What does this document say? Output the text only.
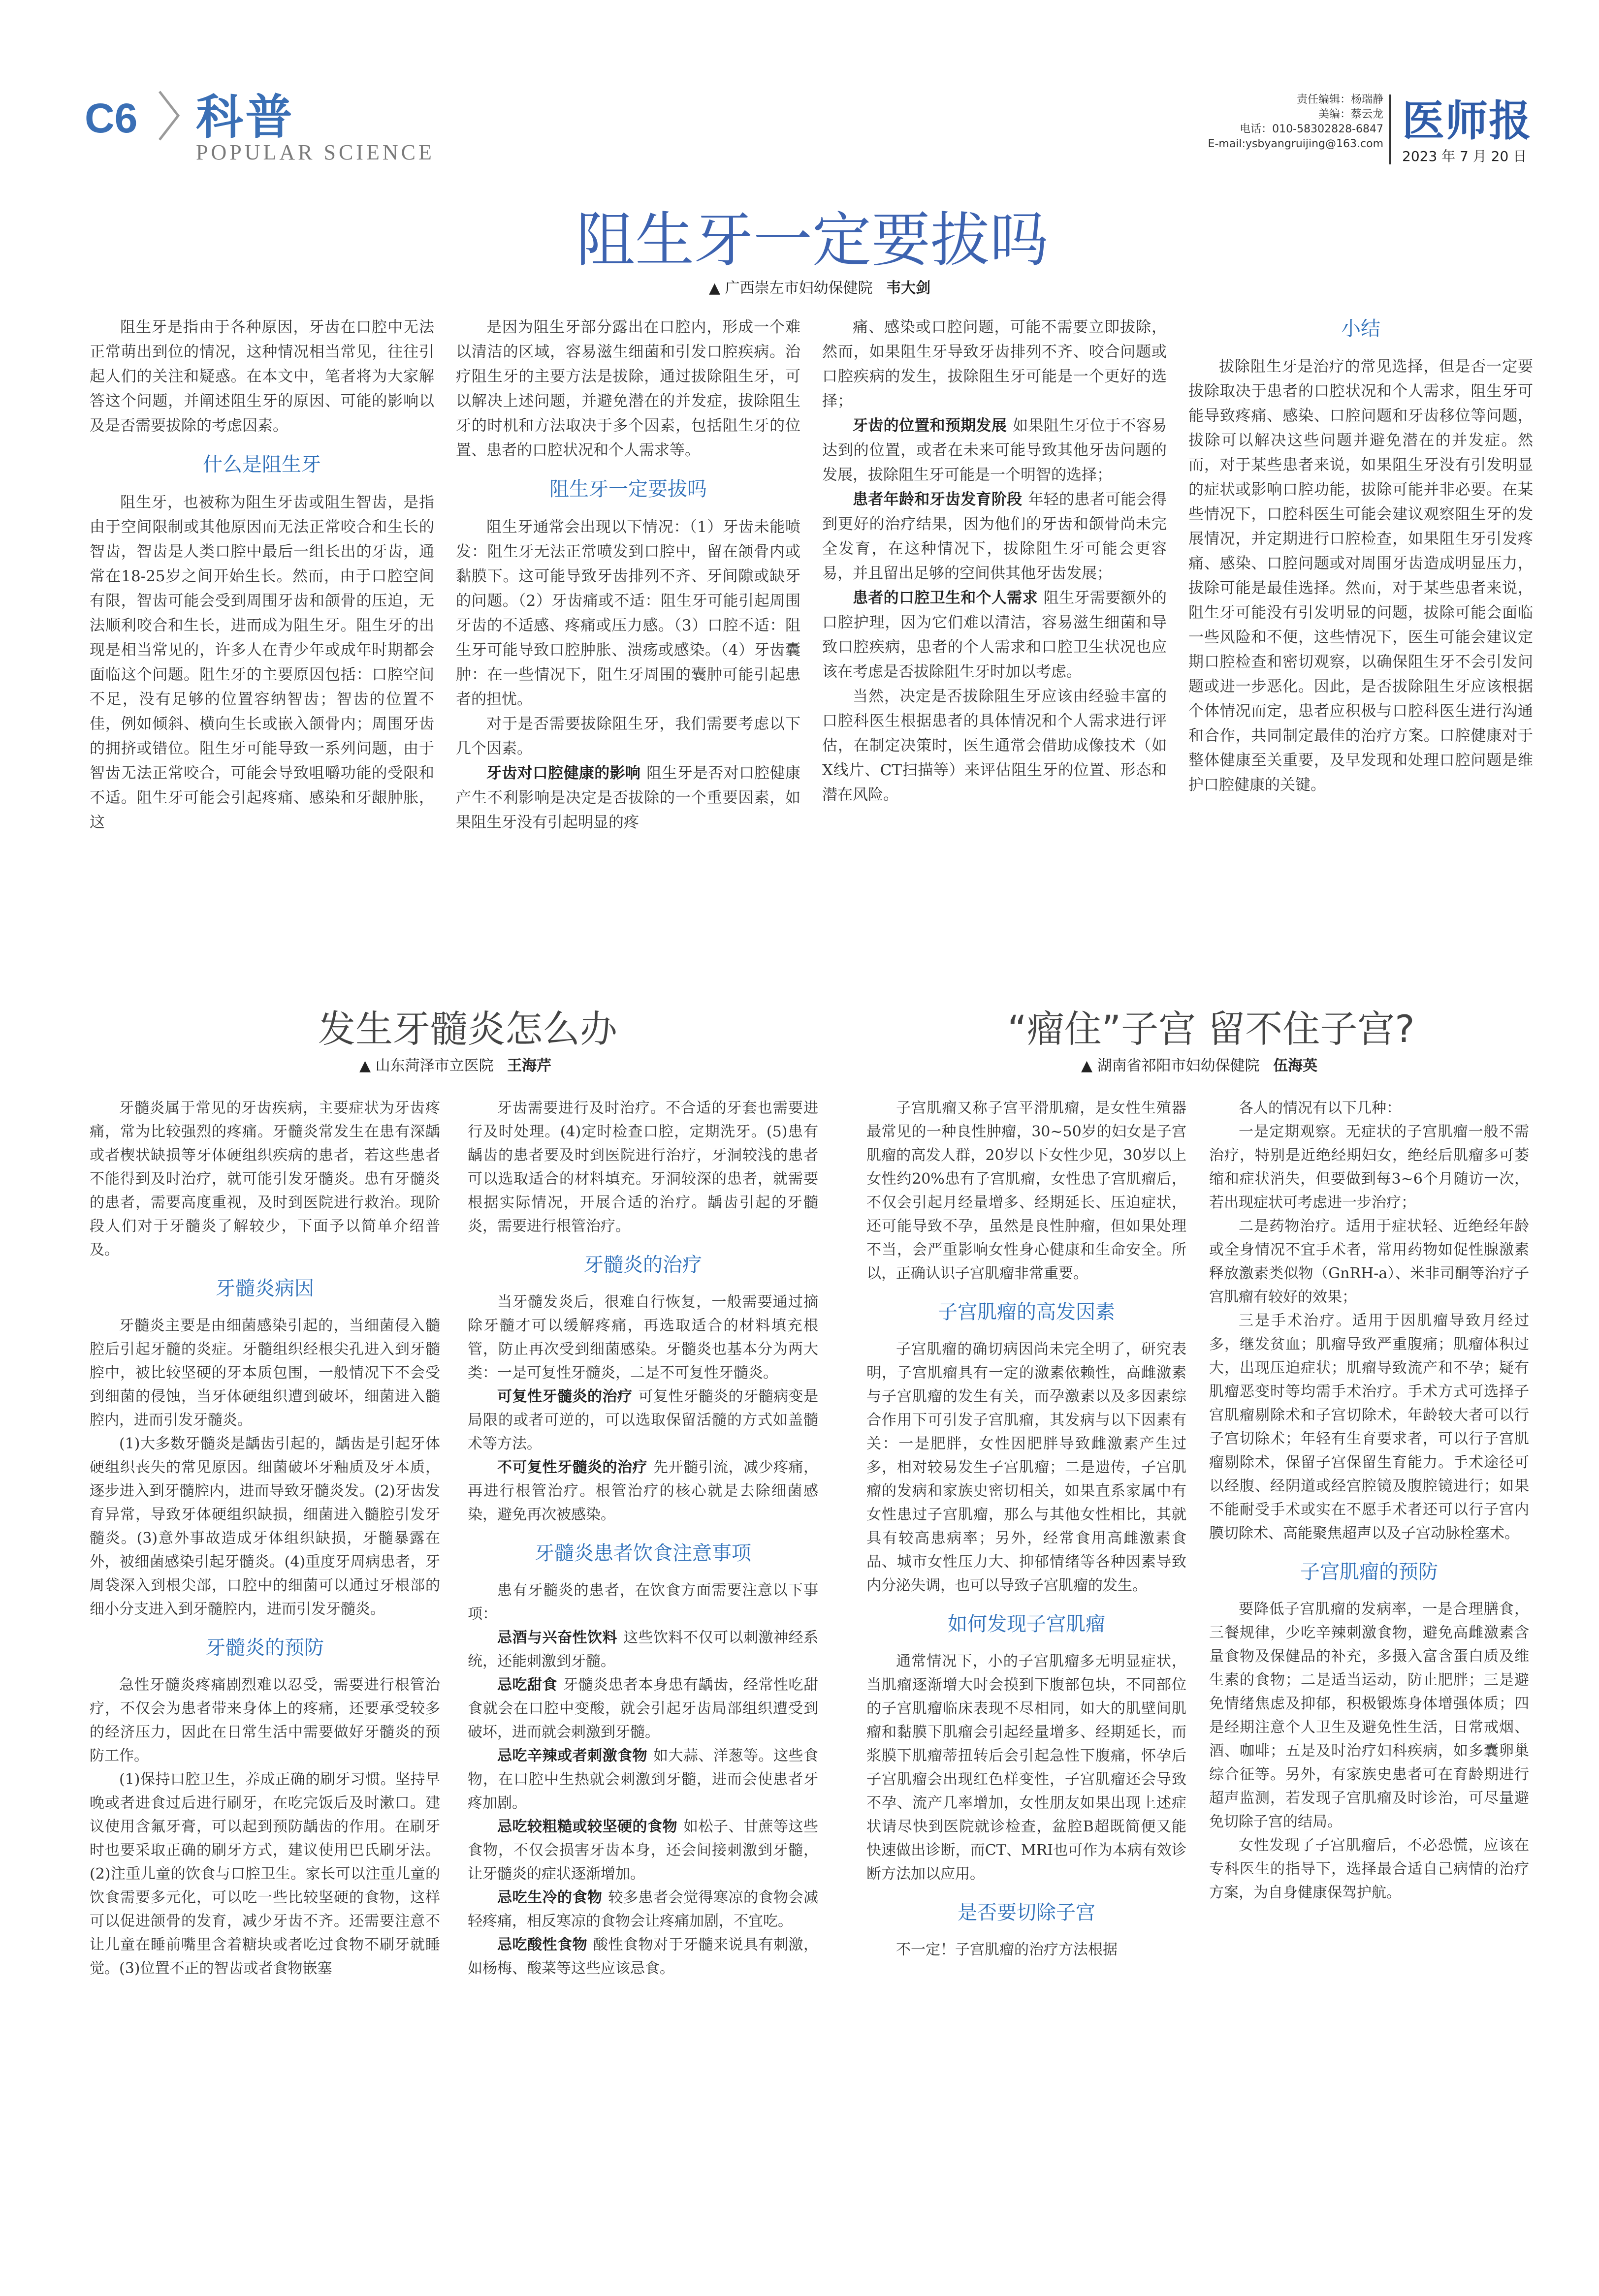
C6 科普
POPULAR SCIENCE
责任编辑：杨瑞静
美编：蔡云龙
电话：010-58302828-6847
E-mail:ysbyangruijing@163.com 医师报
2023 年 7 月 20 日
阻生牙一定要拔吗
▲ 广西崇左市妇幼保健院 韦大剑

阻生牙是指由于各种原因，牙齿在口腔中无法正常萌出到位的情况，这种情况相当常见，往往引起人们的关注和疑惑。在本文中，笔者将为大家解答这个问题，并阐述阻生牙的原因、可能的影响以及是否需要拔除的考虑因素。

什么是阻生牙

阻生牙，也被称为阻生牙齿或阻生智齿，是指由于空间限制或其他原因而无法正常咬合和生长的智齿，智齿是人类口腔中最后一组长出的牙齿，通常在18-25岁之间开始生长。然而，由于口腔空间有限，智齿可能会受到周围牙齿和颌骨的压迫，无法顺利咬合和生长，进而成为阻生牙。阻生牙的出现是相当常见的，许多人在青少年或成年时期都会面临这个问题。阻生牙的主要原因包括：口腔空间不足，没有足够的位置容纳智齿；智齿的位置不佳，例如倾斜、横向生长或嵌入颌骨内；周围牙齿的拥挤或错位。阻生牙可能导致一系列问题，由于智齿无法正常咬合，可能会导致咀嚼功能的受限和不适。阻生牙可能会引起疼痛、感染和牙龈肿胀，这

是因为阻生牙部分露出在口腔内，形成一个难以清洁的区域，容易滋生细菌和引发口腔疾病。治疗阻生牙的主要方法是拔除，通过拔除阻生牙，可以解决上述问题，并避免潜在的并发症，拔除阻生牙的时机和方法取决于多个因素，包括阻生牙的位置、患者的口腔状况和个人需求等。

阻生牙一定要拔吗

阻生牙通常会出现以下情况：（1）牙齿未能喷发：阻生牙无法正常喷发到口腔中，留在颌骨内或黏膜下。这可能导致牙齿排列不齐、牙间隙或缺牙的问题。（2）牙齿痛或不适：阻生牙可能引起周围牙齿的不适感、疼痛或压力感。（3）口腔不适：阻生牙可能导致口腔肿胀、溃疡或感染。（4）牙齿囊肿：在一些情况下，阻生牙周围的囊肿可能引起患者的担忧。

对于是否需要拔除阻生牙，我们需要考虑以下几个因素。

牙齿对口腔健康的影响 阻生牙是否对口腔健康产生不利影响是决定是否拔除的一个重要因素，如果阻生牙没有引起明显的疼

痛、感染或口腔问题，可能不需要立即拔除，然而，如果阻生牙导致牙齿排列不齐、咬合问题或口腔疾病的发生，拔除阻生牙可能是一个更好的选择；

牙齿的位置和预期发展 如果阻生牙位于不容易达到的位置，或者在未来可能导致其他牙齿问题的发展，拔除阻生牙可能是一个明智的选择；

患者年龄和牙齿发育阶段 年轻的患者可能会得到更好的治疗结果，因为他们的牙齿和颌骨尚未完全发育，在这种情况下，拔除阻生牙可能会更容易，并且留出足够的空间供其他牙齿发展；

患者的口腔卫生和个人需求 阻生牙需要额外的口腔护理，因为它们难以清洁，容易滋生细菌和导致口腔疾病，患者的个人需求和口腔卫生状况也应该在考虑是否拔除阻生牙时加以考虑。

当然，决定是否拔除阻生牙应该由经验丰富的口腔科医生根据患者的具体情况和个人需求进行评估，在制定决策时，医生通常会借助成像技术（如X线片、CT扫描等）来评估阻生牙的位置、形态和潜在风险。

小结

拔除阻生牙是治疗的常见选择，但是否一定要拔除取决于患者的口腔状况和个人需求，阻生牙可能导致疼痛、感染、口腔问题和牙齿移位等问题，拔除可以解决这些问题并避免潜在的并发症。然而，对于某些患者来说，如果阻生牙没有引发明显的症状或影响口腔功能，拔除可能并非必要。在某些情况下，口腔科医生可能会建议观察阻生牙的发展情况，并定期进行口腔检查，如果阻生牙引发疼痛、感染、口腔问题或对周围牙齿造成明显压力，拔除可能是最佳选择。然而，对于某些患者来说，阻生牙可能没有引发明显的问题，拔除可能会面临一些风险和不便，这些情况下，医生可能会建议定期口腔检查和密切观察，以确保阻生牙不会引发问题或进一步恶化。因此，是否拔除阻生牙应该根据个体情况而定，患者应积极与口腔科医生进行沟通和合作，共同制定最佳的治疗方案。口腔健康对于整体健康至关重要，及早发现和处理口腔问题是维护口腔健康的关键。

发生牙髓炎怎么办
▲ 山东菏泽市立医院 王海芹

牙髓炎属于常见的牙齿疾病，主要症状为牙齿疼痛，常为比较强烈的疼痛。牙髓炎常发生在患有深龋或者楔状缺损等牙体硬组织疾病的患者，若这些患者不能得到及时治疗，就可能引发牙髓炎。患有牙髓炎的患者，需要高度重视，及时到医院进行救治。现阶段人们对于牙髓炎了解较少，下面予以简单介绍普及。

牙髓炎病因

牙髓炎主要是由细菌感染引起的，当细菌侵入髓腔后引起牙髓的炎症。牙髓组织经根尖孔进入到牙髓腔中，被比较坚硬的牙本质包围，一般情况下不会受到细菌的侵蚀，当牙体硬组织遭到破坏，细菌进入髓腔内，进而引发牙髓炎。

(1)大多数牙髓炎是龋齿引起的，龋齿是引起牙体硬组织丧失的常见原因。细菌破坏牙釉质及牙本质，逐步进入到牙髓腔内，进而导致牙髓炎发。(2)牙齿发育异常，导致牙体硬组织缺损，细菌进入髓腔引发牙髓炎。(3)意外事故造成牙体组织缺损，牙髓暴露在外，被细菌感染引起牙髓炎。(4)重度牙周病患者，牙周袋深入到根尖部，口腔中的细菌可以通过牙根部的细小分支进入到牙髓腔内，进而引发牙髓炎。

牙髓炎的预防

急性牙髓炎疼痛剧烈难以忍受，需要进行根管治疗，不仅会为患者带来身体上的疼痛，还要承受较多的经济压力，因此在日常生活中需要做好牙髓炎的预防工作。

(1)保持口腔卫生，养成正确的刷牙习惯。坚持早晚或者进食过后进行刷牙，在吃完饭后及时漱口。建议使用含氟牙膏，可以起到预防龋齿的作用。在刷牙时也要采取正确的刷牙方式，建议使用巴氏刷牙法。(2)注重儿童的饮食与口腔卫生。家长可以注重儿童的饮食需要多元化，可以吃一些比较坚硬的食物，这样可以促进颌骨的发育，减少牙齿不齐。还需要注意不让儿童在睡前嘴里含着糖块或者吃过食物不刷牙就睡觉。(3)位置不正的智齿或者食物嵌塞

牙齿需要进行及时治疗。不合适的牙套也需要进行及时处理。(4)定时检查口腔，定期洗牙。(5)患有龋齿的患者要及时到医院进行治疗，牙洞较浅的患者可以选取适合的材料填充。牙洞较深的患者，就需要根据实际情况，开展合适的治疗。龋齿引起的牙髓炎，需要进行根管治疗。

牙髓炎的治疗

当牙髓发炎后，很难自行恢复，一般需要通过摘除牙髓才可以缓解疼痛，再选取适合的材料填充根管，防止再次受到细菌感染。牙髓炎也基本分为两大类：一是可复性牙髓炎，二是不可复性牙髓炎。

可复性牙髓炎的治疗 可复性牙髓炎的牙髓病变是局限的或者可逆的，可以选取保留活髓的方式如盖髓术等方法。

不可复性牙髓炎的治疗 先开髓引流，减少疼痛，再进行根管治疗。根管治疗的核心就是去除细菌感染，避免再次被感染。

牙髓炎患者饮食注意事项

患有牙髓炎的患者，在饮食方面需要注意以下事项：

忌酒与兴奋性饮料 这些饮料不仅可以刺激神经系统，还能刺激到牙髓。

忌吃甜食 牙髓炎患者本身患有龋齿，经常性吃甜食就会在口腔中变酸，就会引起牙齿局部组织遭受到破坏，进而就会刺激到牙髓。

忌吃辛辣或者刺激食物 如大蒜、洋葱等。这些食物，在口腔中生热就会刺激到牙髓，进而会使患者牙疼加剧。

忌吃较粗糙或较坚硬的食物 如松子、甘蔗等这些食物，不仅会损害牙齿本身，还会间接刺激到牙髓，让牙髓炎的症状逐渐增加。

忌吃生冷的食物 较多患者会觉得寒凉的食物会减轻疼痛，相反寒凉的食物会让疼痛加剧，不宜吃。

忌吃酸性食物 酸性食物对于牙髓来说具有刺激，如杨梅、酸菜等这些应该忌食。

“瘤住”子宫 留不住子宫?
▲ 湖南省祁阳市妇幼保健院 伍海英

子宫肌瘤又称子宫平滑肌瘤，是女性生殖器最常见的一种良性肿瘤，30~50岁的妇女是子宫肌瘤的高发人群，20岁以下女性少见，30岁以上女性约20%患有子宫肌瘤，女性患子宫肌瘤后，不仅会引起月经量增多、经期延长、压迫症状，还可能导致不孕，虽然是良性肿瘤，但如果处理不当，会严重影响女性身心健康和生命安全。所以，正确认识子宫肌瘤非常重要。

子宫肌瘤的高发因素

子宫肌瘤的确切病因尚未完全明了，研究表明，子宫肌瘤具有一定的激素依赖性，高雌激素与子宫肌瘤的发生有关，而孕激素以及多因素综合作用下可引发子宫肌瘤，其发病与以下因素有关：一是肥胖，女性因肥胖导致雌激素产生过多，相对较易发生子宫肌瘤；二是遗传，子宫肌瘤的发病和家族史密切相关，如果直系家属中有女性患过子宫肌瘤，那么与其他女性相比，其就具有较高患病率；另外，经常食用高雌激素食品、城市女性压力大、抑郁情绪等各种因素导致内分泌失调，也可以导致子宫肌瘤的发生。

如何发现子宫肌瘤

通常情况下，小的子宫肌瘤多无明显症状，当肌瘤逐渐增大时会摸到下腹部包块，不同部位的子宫肌瘤临床表现不尽相同，如大的肌壁间肌瘤和黏膜下肌瘤会引起经量增多、经期延长，而浆膜下肌瘤蒂扭转后会引起急性下腹痛，怀孕后子宫肌瘤会出现红色样变性，子宫肌瘤还会导致不孕、流产几率增加，女性朋友如果出现上述症状请尽快到医院就诊检查，盆腔B超既简便又能快速做出诊断，而CT、MRI也可作为本病有效诊断方法加以应用。

是否要切除子宫

不一定！子宫肌瘤的治疗方法根据

各人的情况有以下几种：

一是定期观察。无症状的子宫肌瘤一般不需治疗，特别是近绝经期妇女，绝经后肌瘤多可萎缩和症状消失，但要做到每3~6个月随访一次，若出现症状可考虑进一步治疗；

二是药物治疗。适用于症状轻、近绝经年龄或全身情况不宜手术者，常用药物如促性腺激素释放激素类似物（GnRH-a）、米非司酮等治疗子宫肌瘤有较好的效果；

三是手术治疗。适用于因肌瘤导致月经过多，继发贫血；肌瘤导致严重腹痛；肌瘤体积过大，出现压迫症状；肌瘤导致流产和不孕；疑有肌瘤恶变时等均需手术治疗。手术方式可选择子宫肌瘤剔除术和子宫切除术，年龄较大者可以行子宫切除术；年轻有生育要求者，可以行子宫肌瘤剔除术，保留子宫保留生育能力。手术途径可以经腹、经阴道或经宫腔镜及腹腔镜进行；如果不能耐受手术或实在不愿手术者还可以行子宫内膜切除术、高能聚焦超声以及子宫动脉栓塞术。

子宫肌瘤的预防

要降低子宫肌瘤的发病率，一是合理膳食，三餐规律，少吃辛辣刺激食物，避免高雌激素含量食物及保健品的补充，多摄入富含蛋白质及维生素的食物；二是适当运动，防止肥胖；三是避免情绪焦虑及抑郁，积极锻炼身体增强体质；四是经期注意个人卫生及避免性生活，日常戒烟、酒、咖啡；五是及时治疗妇科疾病，如多囊卵巢综合征等。另外，有家族史患者可在育龄期进行超声监测，若发现子宫肌瘤及时诊治，可尽量避免切除子宫的结局。

女性发现了子宫肌瘤后，不必恐慌，应该在专科医生的指导下，选择最合适自己病情的治疗方案，为自身健康保驾护航。
